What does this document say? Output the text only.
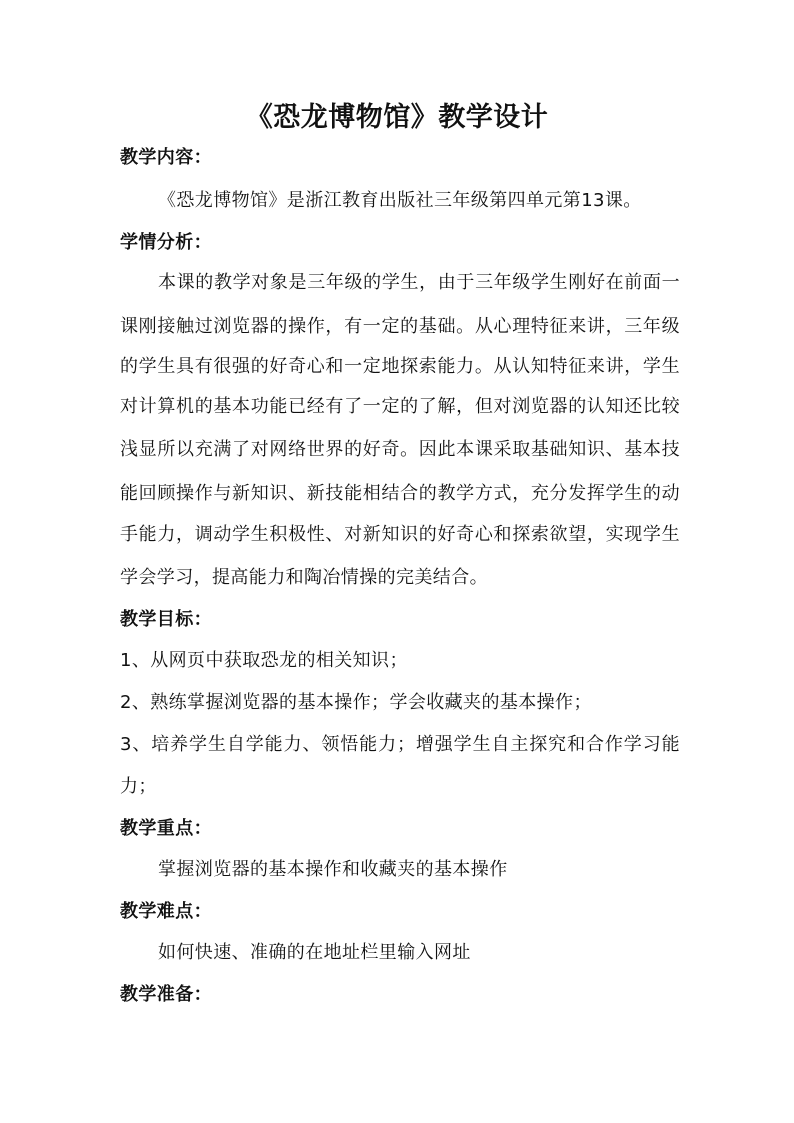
《恐龙博物馆》教学设计
教学内容：
《恐龙博物馆》是浙江教育出版社三年级第四单元第13课。
学情分析：
本课的教学对象是三年级的学生，由于三年级学生刚好在前面一
课刚接触过浏览器的操作，有一定的基础。从心理特征来讲，三年级
的学生具有很强的好奇心和一定地探索能力。从认知特征来讲，学生
对计算机的基本功能已经有了一定的了解，但对浏览器的认知还比较
浅显所以充满了对网络世界的好奇。因此本课采取基础知识、基本技
能回顾操作与新知识、新技能相结合的教学方式，充分发挥学生的动
手能力，调动学生积极性、对新知识的好奇心和探索欲望，实现学生
学会学习，提高能力和陶冶情操的完美结合。
教学目标：
1、从网页中获取恐龙的相关知识；
2、熟练掌握浏览器的基本操作；学会收藏夹的基本操作；
3、培养学生自学能力、领悟能力；增强学生自主探究和合作学习能
力；
教学重点：
掌握浏览器的基本操作和收藏夹的基本操作
教学难点：
如何快速、准确的在地址栏里输入网址
教学准备：
